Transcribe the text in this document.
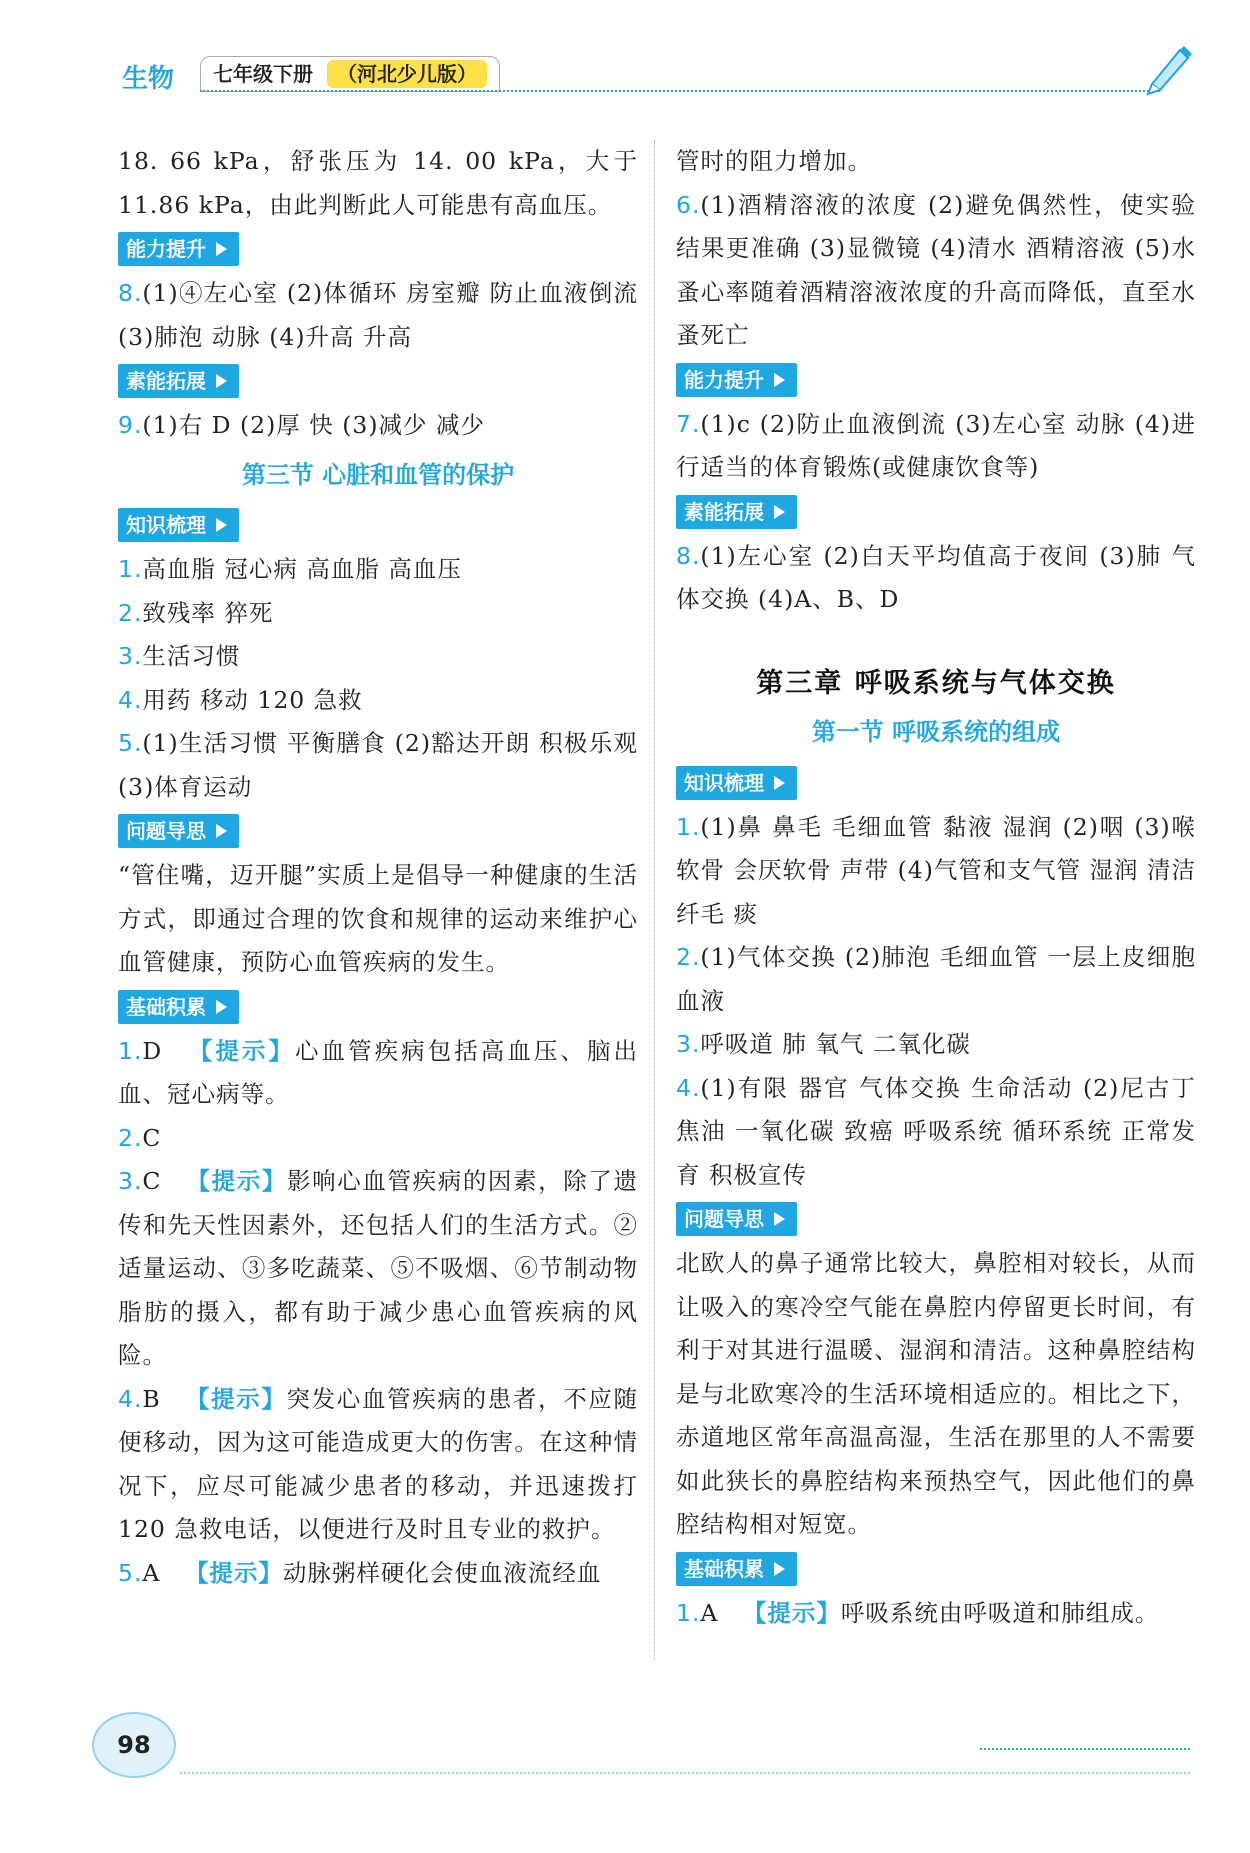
生物 七年级下册	（河北少儿版）

18. 66 kPa，舒张压为 14. 00 kPa，大于 11.86 kPa，由此判断此人可能患有高血压。

能力提升

8.(1)④左心室 (2)体循环 房室瓣 防止血液倒流 (3)肺泡 动脉 (4)升高 升高

素能拓展

9.(1)右 D (2)厚 快 (3)减少 减少

第三节 心脏和血管的保护
知识梳理

1.高血脂 冠心病 高血脂 高血压

2.致残率 猝死

3.生活习惯

4.用药 移动 120 急救

5.(1)生活习惯 平衡膳食 (2)豁达开朗 积极乐观 (3)体育运动

问题导思

“管住嘴，迈开腿”实质上是倡导一种健康的生活方式，即通过合理的饮食和规律的运动来维护心血管健康，预防心血管疾病的发生。

基础积累

1.D  【提示】心血管疾病包括高血压、脑出血、冠心病等。

2.C 

3.C  【提示】影响心血管疾病的因素，除了遗传和先天性因素外，还包括人们的生活方式。②适量运动、③多吃蔬菜、⑤不吸烟、⑥节制动物脂肪的摄入，都有助于减少患心血管疾病的风险。

4.B  【提示】突发心血管疾病的患者，不应随便移动，因为这可能造成更大的伤害。在这种情况下，应尽可能减少患者的移动，并迅速拨打 120 急救电话，以便进行及时且专业的救护。

5.A  【提示】动脉粥样硬化会使血液流经血

管时的阻力增加。

6.(1)酒精溶液的浓度 (2)避免偶然性，使实验结果更准确 (3)显微镜 (4)清水 酒精溶液 (5)水蚤心率随着酒精溶液浓度的升高而降低，直至水蚤死亡

能力提升

7.(1)c (2)防止血液倒流 (3)左心室 动脉 (4)进行适当的体育锻炼(或健康饮食等)

素能拓展

8.(1)左心室 (2)白天平均值高于夜间 (3)肺 气体交换 (4)A、B、D

第三章 呼吸系统与气体交换
第一节 呼吸系统的组成
知识梳理

1.(1)鼻 鼻毛 毛细血管 黏液 湿润 (2)咽 (3)喉 软骨 会厌软骨 声带 (4)气管和支气管 湿润 清洁 纤毛 痰

2.(1)气体交换 (2)肺泡 毛细血管 一层上皮细胞 血液

3.呼吸道 肺 氧气 二氧化碳

4.(1)有限 器官 气体交换 生命活动 (2)尼古丁 焦油 一氧化碳 致癌 呼吸系统 循环系统 正常发育 积极宣传

问题导思

北欧人的鼻子通常比较大，鼻腔相对较长，从而让吸入的寒冷空气能在鼻腔内停留更长时间，有利于对其进行温暖、湿润和清洁。这种鼻腔结构是与北欧寒冷的生活环境相适应的。相比之下，赤道地区常年高温高湿，生活在那里的人不需要如此狭长的鼻腔结构来预热空气，因此他们的鼻腔结构相对短宽。

基础积累

1.A  【提示】呼吸系统由呼吸道和肺组成。

98
